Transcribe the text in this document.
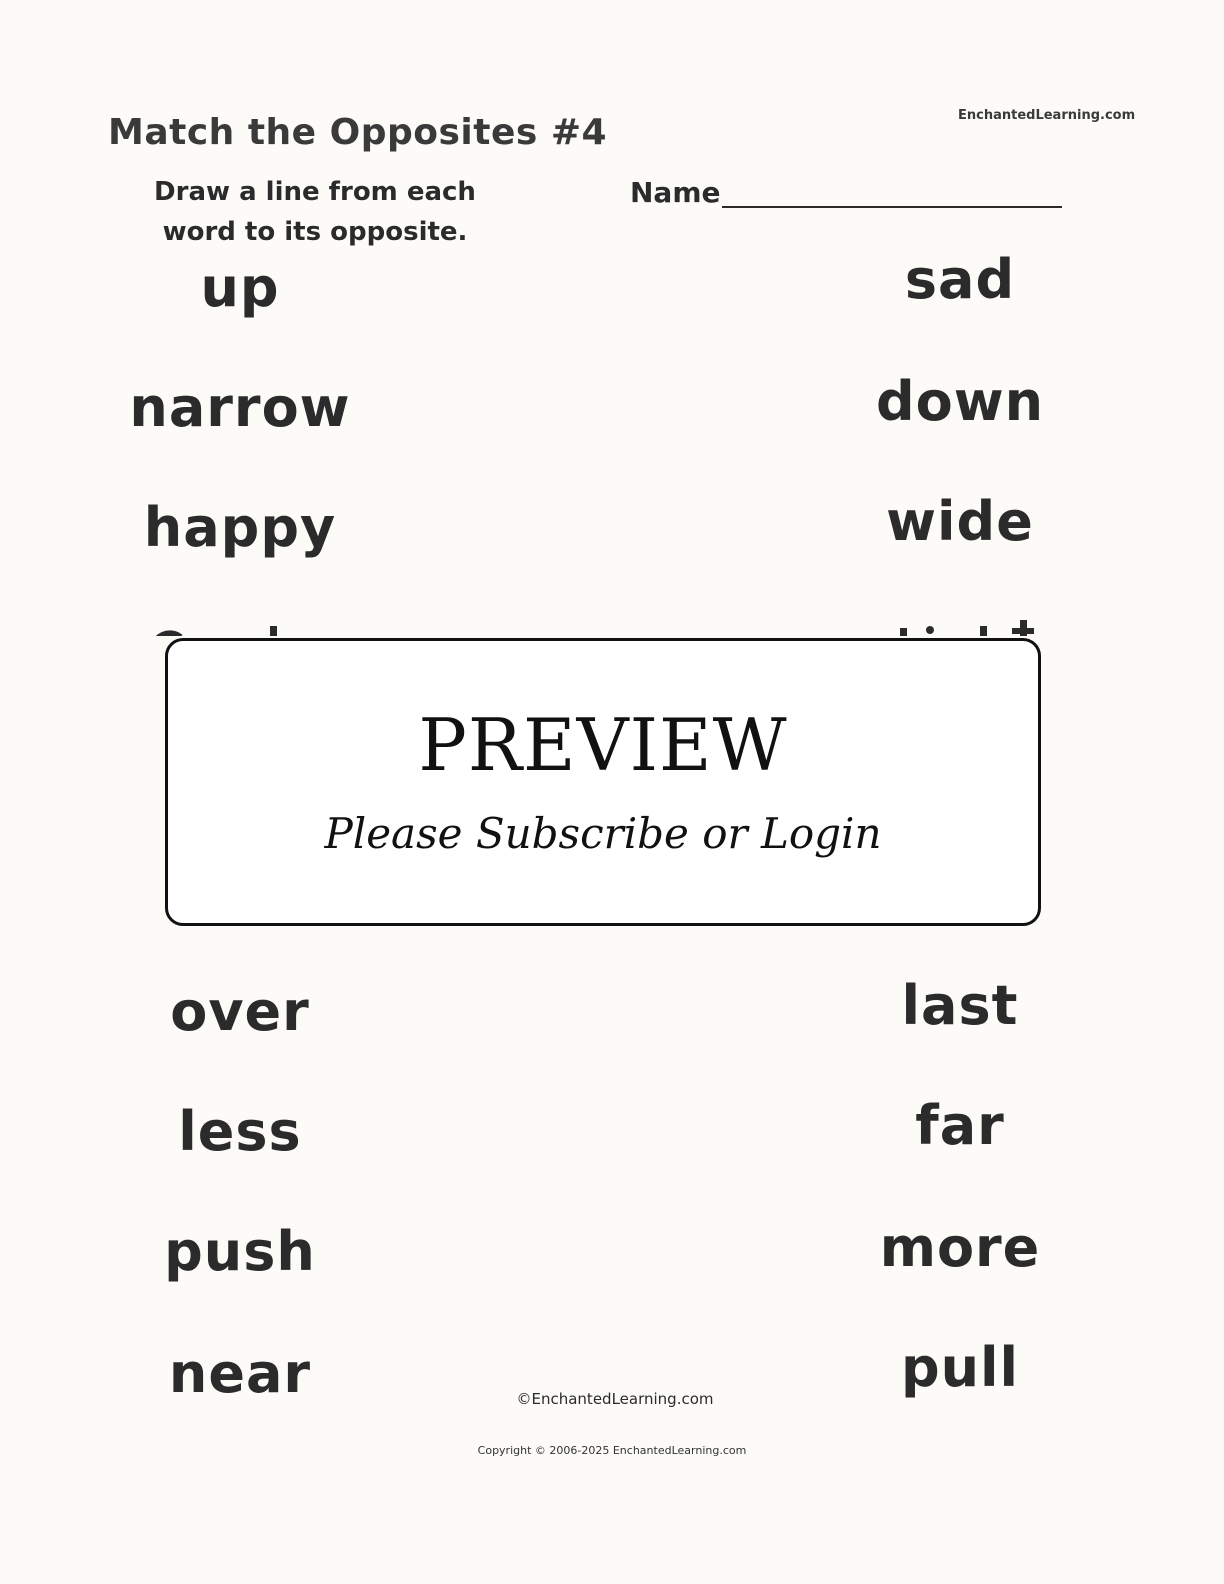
Match the Opposites #4	EnchantedLearning.com
Draw a line from each word to its opposite.
Name
up
narrow
happy
over
less
push
near
sad
down
wide
last
far
more
pull
PREVIEW
Please Subscribe or Login
©EnchantedLearning.com
Copyright © 2006-2025 EnchantedLearning.com
